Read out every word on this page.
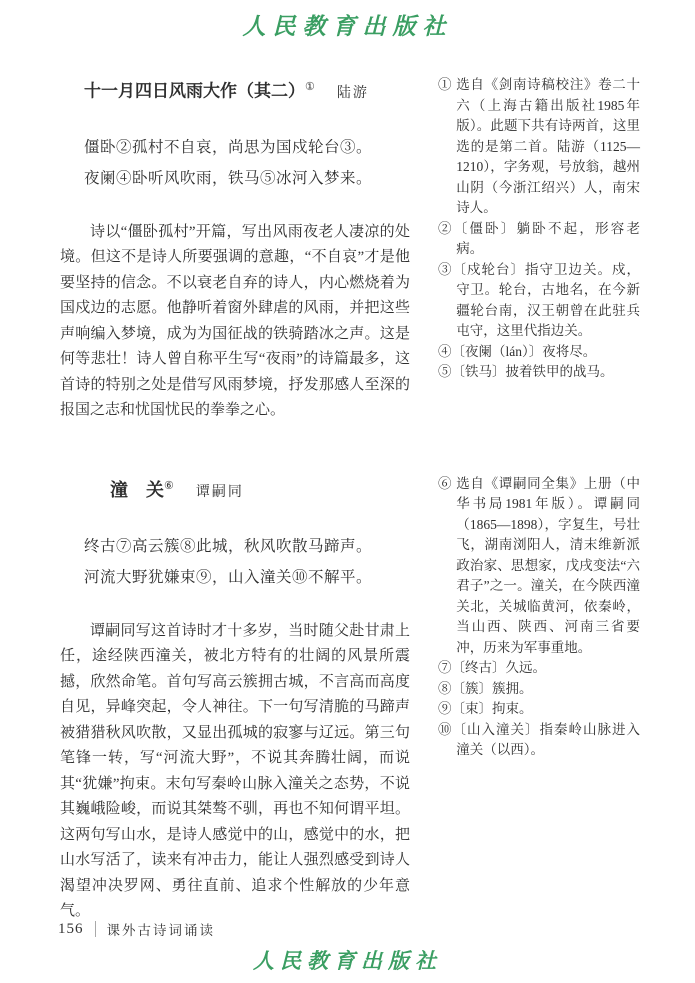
人民教育出版社
十一月四日风雨大作（其二）① 陆游

僵卧②孤村不自哀，尚思为国戍轮台③。

夜阑④卧听风吹雨，铁马⑤冰河入梦来。

诗以“僵卧孤村”开篇，写出风雨夜老人凄凉的处境。但这不是诗人所要强调的意趣，“不自哀”才是他要坚持的信念。不以衰老自弃的诗人，内心燃烧着为国戍边的志愿。他静听着窗外肆虐的风雨，并把这些声响编入梦境，成为为国征战的铁骑踏冰之声。这是何等悲壮！诗人曾自称平生写“夜雨”的诗篇最多，这首诗的特别之处是借写风雨梦境，抒发那感人至深的报国之志和忧国忧民的拳拳之心。

① 选自《剑南诗稿校注》卷二十六（上海古籍出版社1985年版）。此题下共有诗两首，这里选的是第二首。陆游（1125—1210），字务观，号放翁，越州山阴（今浙江绍兴）人，南宋诗人。

②〔僵卧〕躺卧不起，形容老病。

③〔戍轮台〕指守卫边关。戍，守卫。轮台，古地名，在今新疆轮台南，汉王朝曾在此驻兵屯守，这里代指边关。

④〔夜阑（lán）〕夜将尽。

⑤〔铁马〕披着铁甲的战马。

潼　关⑥ 谭嗣同

终古⑦高云簇⑧此城，秋风吹散马蹄声。

河流大野犹嫌束⑨，山入潼关⑩不解平。

谭嗣同写这首诗时才十多岁，当时随父赴甘肃上任，途经陕西潼关，被北方特有的壮阔的风景所震撼，欣然命笔。首句写高云簇拥古城，不言高而高度自见，异峰突起，令人神往。下一句写清脆的马蹄声被猎猎秋风吹散，又显出孤城的寂寥与辽远。第三句笔锋一转，写“河流大野”，不说其奔腾壮阔，而说其“犹嫌”拘束。末句写秦岭山脉入潼关之态势，不说其巍峨险峻，而说其桀骜不驯，再也不知何谓平坦。这两句写山水，是诗人感觉中的山，感觉中的水，把山水写活了，读来有冲击力，能让人强烈感受到诗人渴望冲决罗网、勇往直前、追求个性解放的少年意气。

⑥ 选自《谭嗣同全集》上册（中华书局1981年版）。谭嗣同（1865—1898），字复生，号壮飞，湖南浏阳人，清末维新派政治家、思想家，戊戌变法“六君子”之一。潼关，在今陕西潼关北，关城临黄河，依秦岭，当山西、陕西、河南三省要冲，历来为军事重地。

⑦〔终古〕久远。

⑧〔簇〕簇拥。

⑨〔束〕拘束。

⑩〔山入潼关〕指秦岭山脉进入潼关（以西）。

156 课外古诗词诵读
人民教育出版社
